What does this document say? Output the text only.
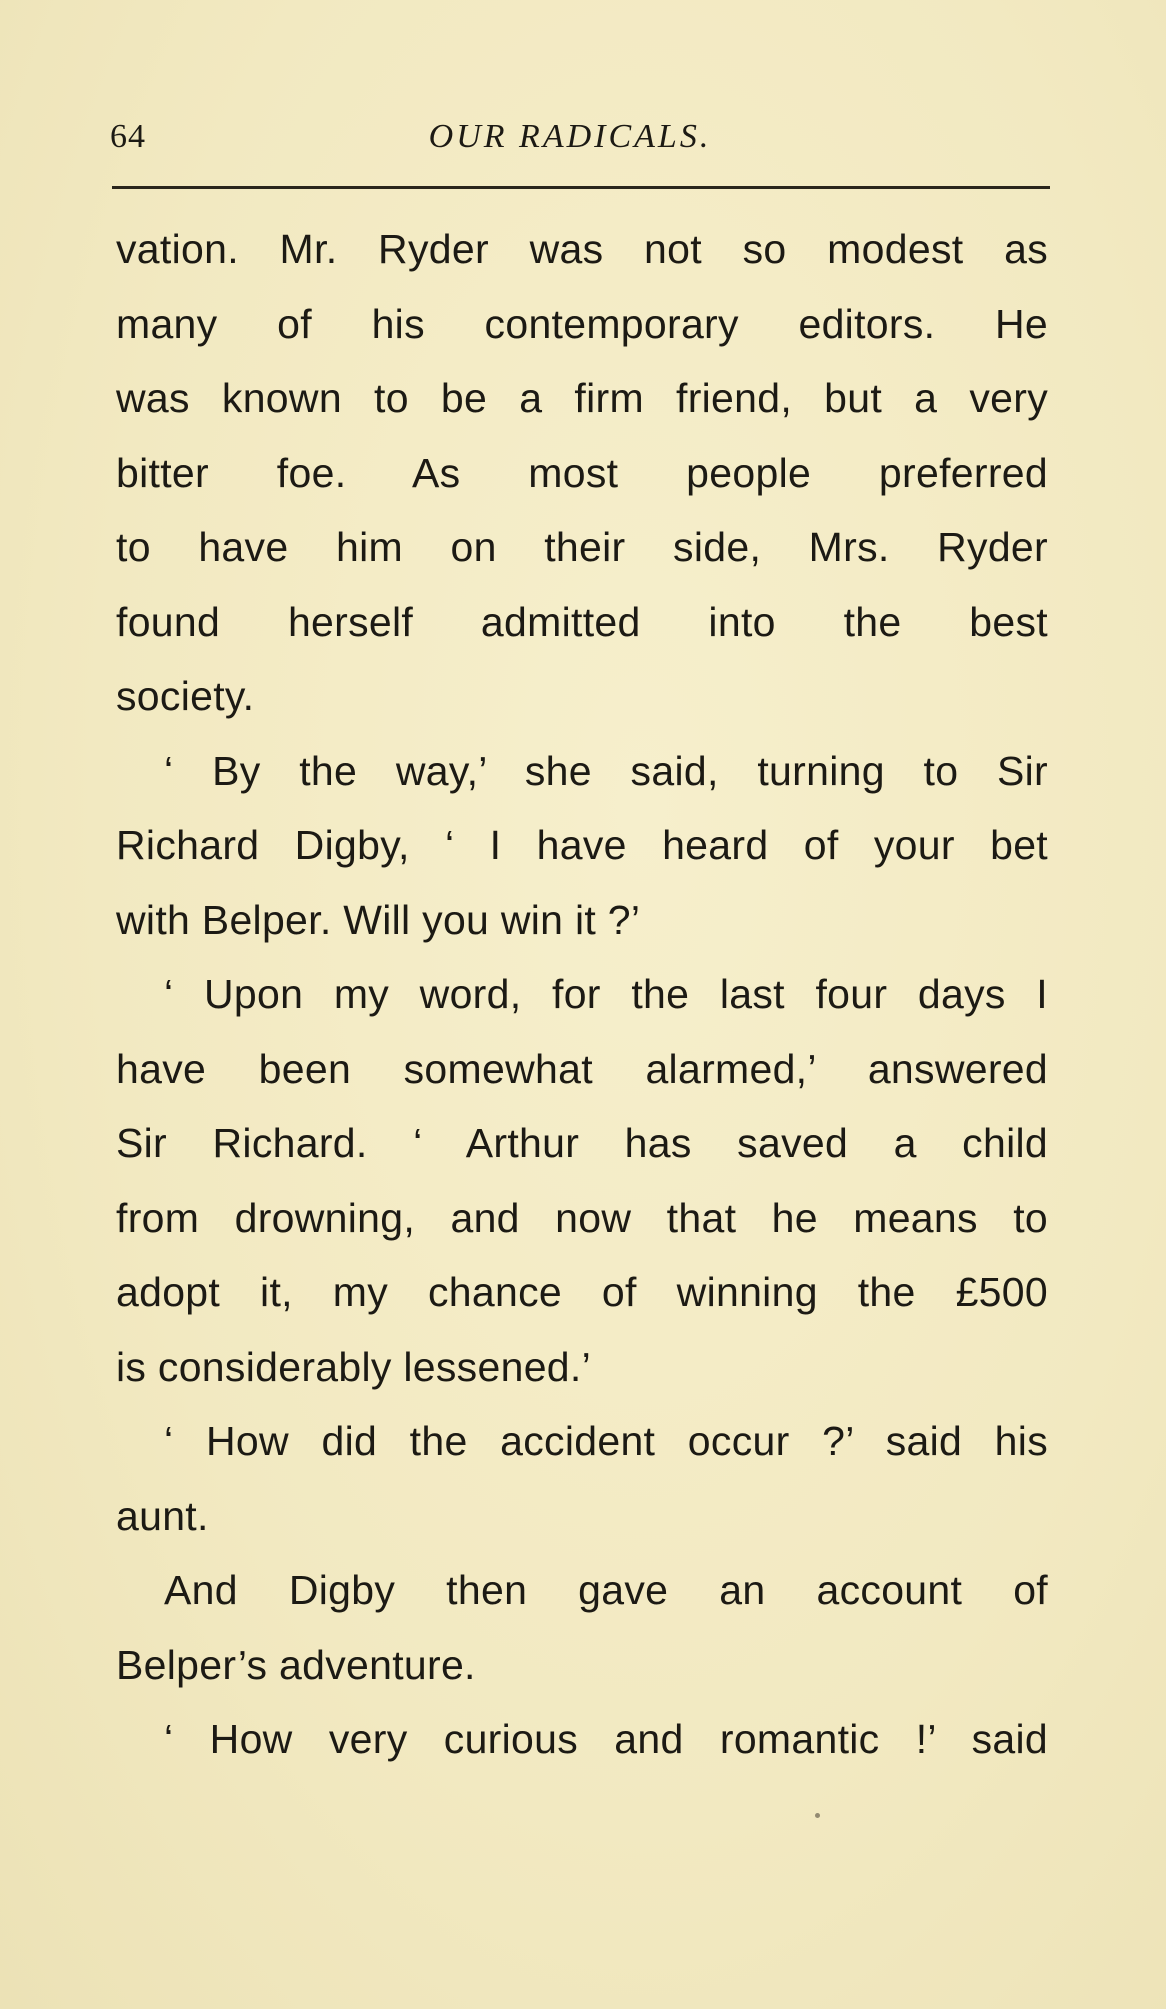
64	OUR RADICALS.
vation. Mr. Ryder was not so modest as
many of his contemporary editors. He
was known to be a firm friend, but a very
bitter foe. As most people preferred
to have him on their side, Mrs. Ryder
found herself admitted into the best
society.
‘ By the way,’ she said, turning to Sir
Richard Digby, ‘ I have heard of your bet
with Belper. Will you win it ?’
‘ Upon my word, for the last four days I
have been somewhat alarmed,’ answered
Sir Richard. ‘ Arthur has saved a child
from drowning, and now that he means to
adopt it, my chance of winning the £500
is considerably lessened.’
‘ How did the accident occur ?’ said his
aunt.
And Digby then gave an account of
Belper’s adventure.
‘ How very curious and romantic !’ said
